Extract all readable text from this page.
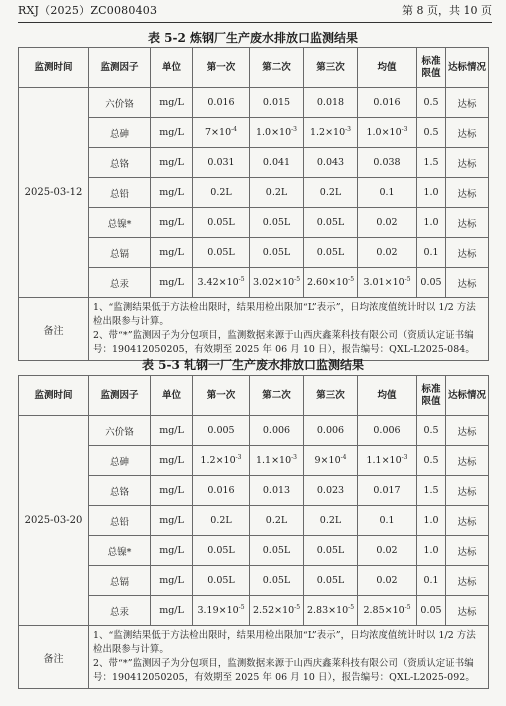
RXJ（2025）ZC0080403	第 8 页，共 10 页
表 5-2 炼钢厂生产废水排放口监测结果
监测时间	监测因子	单位	第一次	第二次	第三次	均值	标准限值	达标情况
2025-03-12	六价铬	mg/L	0.016	0.015	0.018	0.016	0.5	达标
	总砷	mg/L	$7\times 10^{-4}$	$1.0\times 10^{-3}$	$1.2\times 10^{-3}$	$1.0\times 10^{-3}$	0.5	达标
	总铬	mg/L	0.031	0.041	0.043	0.038	1.5	达标
	总铅	mg/L	0.2L	0.2L	0.2L	0.1	1.0	达标
	总镍*	mg/L	0.05L	0.05L	0.05L	0.02	1.0	达标
	总镉	mg/L	0.05L	0.05L	0.05L	0.02	0.1	达标
	总汞	mg/L	$3.42\times 10^{-5}$	$3.02\times 10^{-5}$	$2.60\times 10^{-5}$	$3.01\times 10^{-5}$	0.05	达标
备注	1、“监测结果低于方法检出限时，结果用检出限加“L”表示”，日均浓度值统计时以 1/2 方法检出限参与计算。

2、带“*”监测因子为分包项目，监测数据来源于山西庆鑫莱科技有限公司（资质认定证书编号：190412050205，有效期至 2025 年 06 月 10 日），报告编号：QXL-L2025-084。							

表 5-3 轧钢一厂生产废水排放口监测结果
监测时间	监测因子	单位	第一次	第二次	第三次	均值	标准限值	达标情况
2025-03-20	六价铬	mg/L	0.005	0.006	0.006	0.006	0.5	达标
	总砷	mg/L	$1.2\times 10^{-3}$	$1.1\times 10^{-3}$	$9\times 10^{-4}$	$1.1\times 10^{-3}$	0.5	达标
	总铬	mg/L	0.016	0.013	0.023	0.017	1.5	达标
	总铅	mg/L	0.2L	0.2L	0.2L	0.1	1.0	达标
	总镍*	mg/L	0.05L	0.05L	0.05L	0.02	1.0	达标
	总镉	mg/L	0.05L	0.05L	0.05L	0.02	0.1	达标
	总汞	mg/L	$3.19\times 10^{-5}$	$2.52\times 10^{-5}$	$2.83\times 10^{-5}$	$2.85\times 10^{-5}$	0.05	达标
备注	1、“监测结果低于方法检出限时，结果用检出限加“L”表示”，日均浓度值统计时以 1/2 方法检出限参与计算。

2、带“*”监测因子为分包项目，监测数据来源于山西庆鑫莱科技有限公司（资质认定证书编号：190412050205，有效期至 2025 年 06 月 10 日），报告编号：QXL-L2025-092。							
